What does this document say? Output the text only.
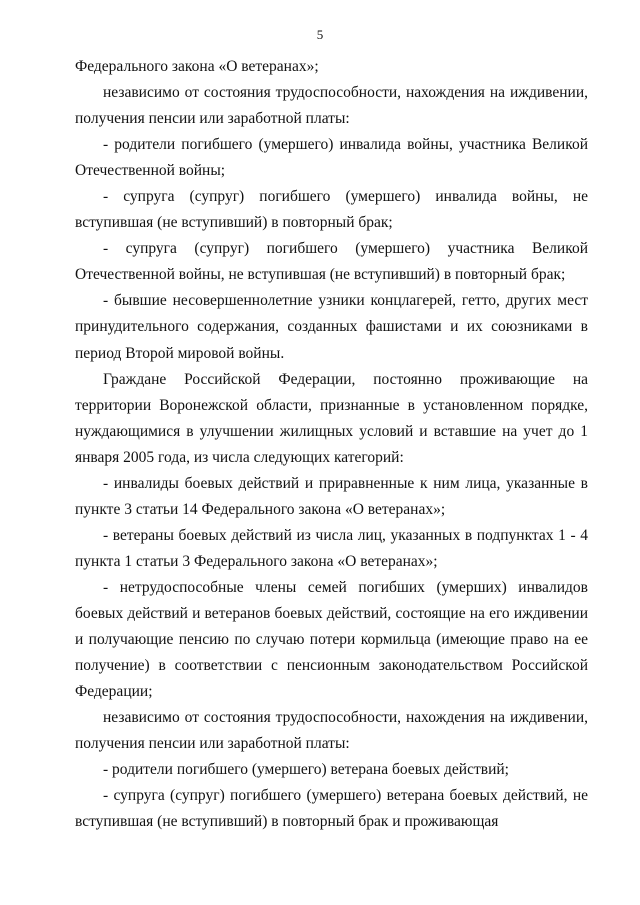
5

Федерального закона «О ветеранах»;

независимо от состояния трудоспособности, нахождения на иждивении, получения пенсии или заработной платы:

- родители погибшего (умершего) инвалида войны, участника Великой Отечественной войны;

- супруга (супруг) погибшего (умершего) инвалида войны, не вступившая (не вступивший) в повторный брак;

- супруга (супруг) погибшего (умершего) участника Великой Отечественной войны, не вступившая (не вступивший) в повторный брак;

- бывшие несовершеннолетние узники концлагерей, гетто, других мест принудительного содержания, созданных фашистами и их союзниками в период Второй мировой войны.

Граждане Российской Федерации, постоянно проживающие на территории Воронежской области, признанные в установленном порядке, нуждающимися в улучшении жилищных условий и вставшие на учет до 1 января 2005 года, из числа следующих категорий:

- инвалиды боевых действий и приравненные к ним лица, указанные в пункте 3 статьи 14 Федерального закона «О ветеранах»;

- ветераны боевых действий из числа лиц, указанных в подпунктах 1 - 4 пункта 1 статьи 3 Федерального закона «О ветеранах»;

- нетрудоспособные члены семей погибших (умерших) инвалидов боевых действий и ветеранов боевых действий, состоящие на его иждивении и получающие пенсию по случаю потери кормильца (имеющие право на ее получение) в соответствии с пенсионным законодательством Российской Федерации;

независимо от состояния трудоспособности, нахождения на иждивении, получения пенсии или заработной платы:

- родители погибшего (умершего) ветерана боевых действий;

- супруга (супруг) погибшего (умершего) ветерана боевых действий, не вступившая (не вступивший) в повторный брак и проживающая
